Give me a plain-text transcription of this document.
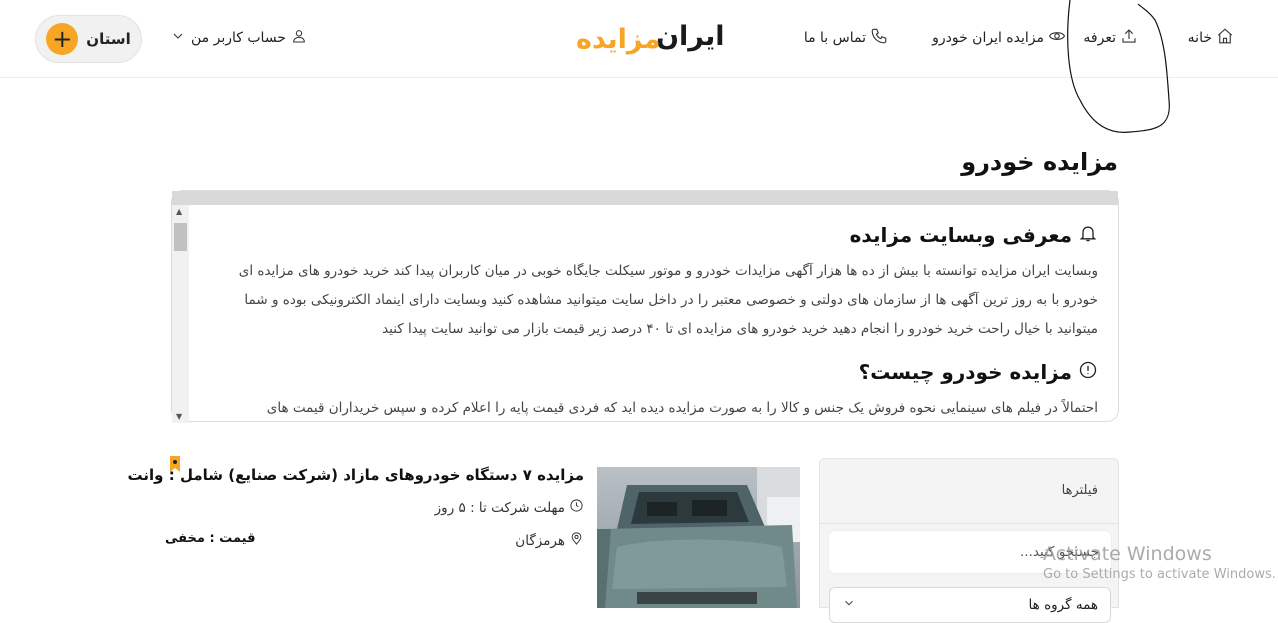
خانه
تعرفه
مزایده ایران خودرو
تماس با ما
ایران
مزایده
حساب کاربر من
استان
+
مزایده خودرو
▲
▼
معرفی وبسایت مزایده

وبسایت ایران مزایده توانسته با بیش از ده ها هزار آگهی مزایدات خودرو و موتور سیکلت جایگاه خوبی در میان کاربران پیدا کند خرید خودرو های مزایده ای خودرو با به روز ترین آگهی ها از سازمان های دولتی و خصوصی معتبر را در داخل سایت میتوانید مشاهده کنید وبسایت دارای اینماد الکترونیکی بوده و شما میتوانید با خیال راحت خرید خودرو را انجام دهید خرید خودرو های مزایده ای تا ۴۰ درصد زیر قیمت بازار می توانید سایت پیدا کنید

مزایده خودرو چیست؟

احتمالاً در فیلم های سینمایی نحوه فروش یک جنس و کالا را به صورت مزایده دیده اید که فردی قیمت پایه را اعلام کرده و سپس خریداران قیمت های

مزایده ۷ دستگاه خودروهای مازاد (شرکت صنایع) شامل : وانت
مهلت شرکت تا : ۵ روز
هرمزگان
قیمت : مخفی
فیلترها
جستجو کنید...
همه گروه ها
Activate Windows
Go to Settings to activate Windows.
